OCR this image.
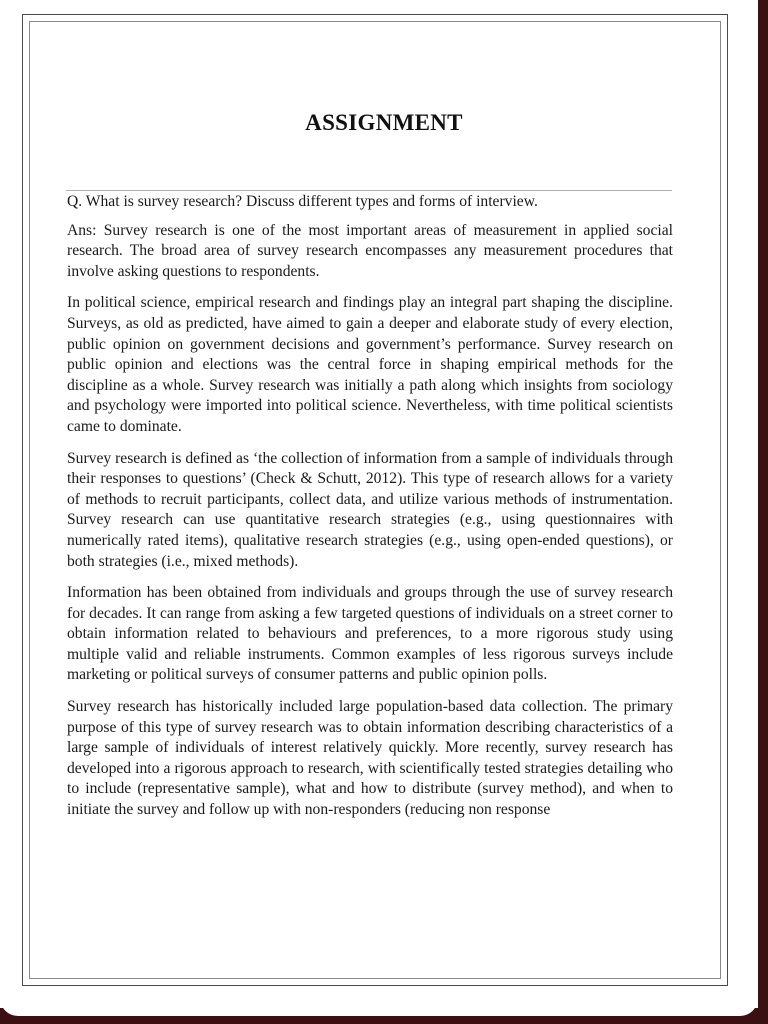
ASSIGNMENT

Q. What is survey research? Discuss different types and forms of interview.

Ans: Survey research is one of the most important areas of measurement in applied social research. The broad area of survey research encompasses any measurement procedures that involve asking questions to respondents.

In political science, empirical research and findings play an integral part shaping the discipline. Surveys, as old as predicted, have aimed to gain a deeper and elaborate study of every election, public opinion on government decisions and government’s performance. Survey research on public opinion and elections was the central force in shaping empirical methods for the discipline as a whole. Survey research was initially a path along which insights from sociology and psychology were imported into political science. Nevertheless, with time political scientists came to dominate.

Survey research is defined as ‘the collection of information from a sample of individuals through their responses to questions’ (Check & Schutt, 2012). This type of research allows for a variety of methods to recruit participants, collect data, and utilize various methods of instrumentation. Survey research can use quantitative research strategies (e.g., using questionnaires with numerically rated items), qualitative research strategies (e.g., using open-ended questions), or both strategies (i.e., mixed methods).

Information has been obtained from individuals and groups through the use of survey research for decades. It can range from asking a few targeted questions of individuals on a street corner to obtain information related to behaviours and preferences, to a more rigorous study using multiple valid and reliable instruments. Common examples of less rigorous surveys include marketing or political surveys of consumer patterns and public opinion polls.

Survey research has historically included large population-based data collection. The primary purpose of this type of survey research was to obtain information describing characteristics of a large sample of individuals of interest relatively quickly. More recently, survey research has developed into a rigorous approach to research, with scientifically tested strategies detailing who to include (representative sample), what and how to distribute (survey method), and when to initiate the survey and follow up with non-responders (reducing non response
